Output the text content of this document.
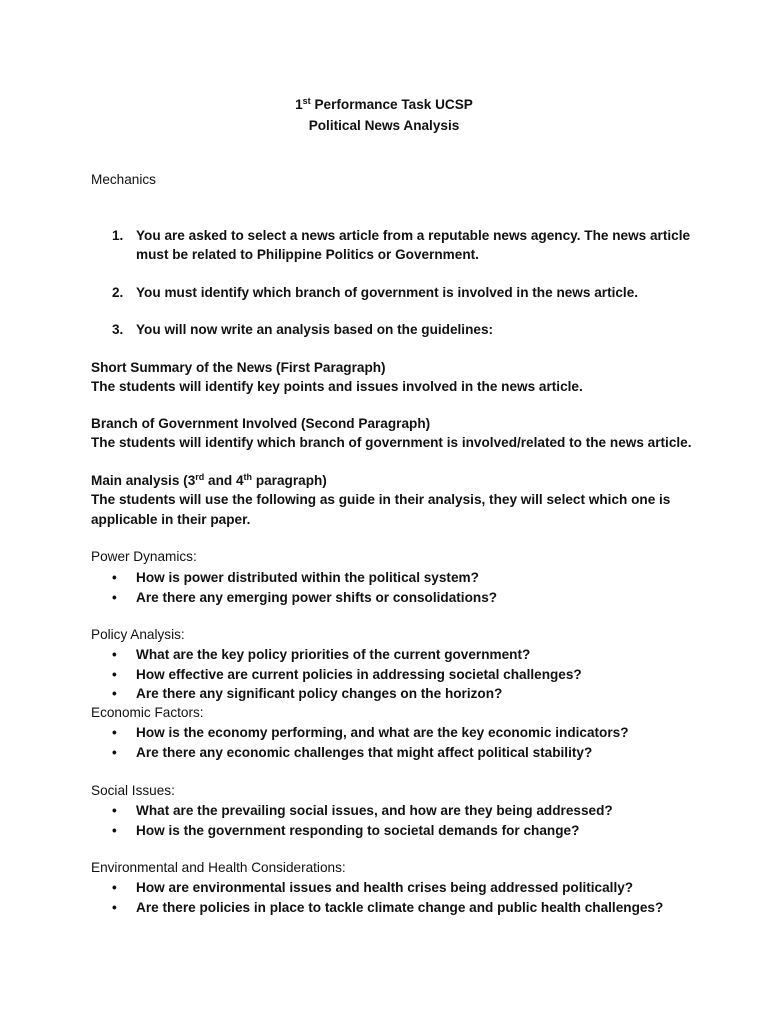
1st Performance Task UCSP
Political News Analysis
Mechanics
1. You are asked to select a news article from a reputable news agency. The news article
must be related to Philippine Politics or Government.
2. You must identify which branch of government is involved in the news article.
3. You will now write an analysis based on the guidelines:
Short Summary of the News (First Paragraph)
The students will identify key points and issues involved in the news article.
Branch of Government Involved (Second Paragraph)
The students will identify which branch of government is involved/related to the news article.
Main analysis (3rd and 4th paragraph)
The students will use the following as guide in their analysis, they will select which one is
applicable in their paper.
Power Dynamics:
• How is power distributed within the political system?
• Are there any emerging power shifts or consolidations?
Policy Analysis:
• What are the key policy priorities of the current government?
• How effective are current policies in addressing societal challenges?
• Are there any significant policy changes on the horizon?
Economic Factors:
• How is the economy performing, and what are the key economic indicators?
• Are there any economic challenges that might affect political stability?
Social Issues:
• What are the prevailing social issues, and how are they being addressed?
• How is the government responding to societal demands for change?
Environmental and Health Considerations:
• How are environmental issues and health crises being addressed politically?
• Are there policies in place to tackle climate change and public health challenges?
